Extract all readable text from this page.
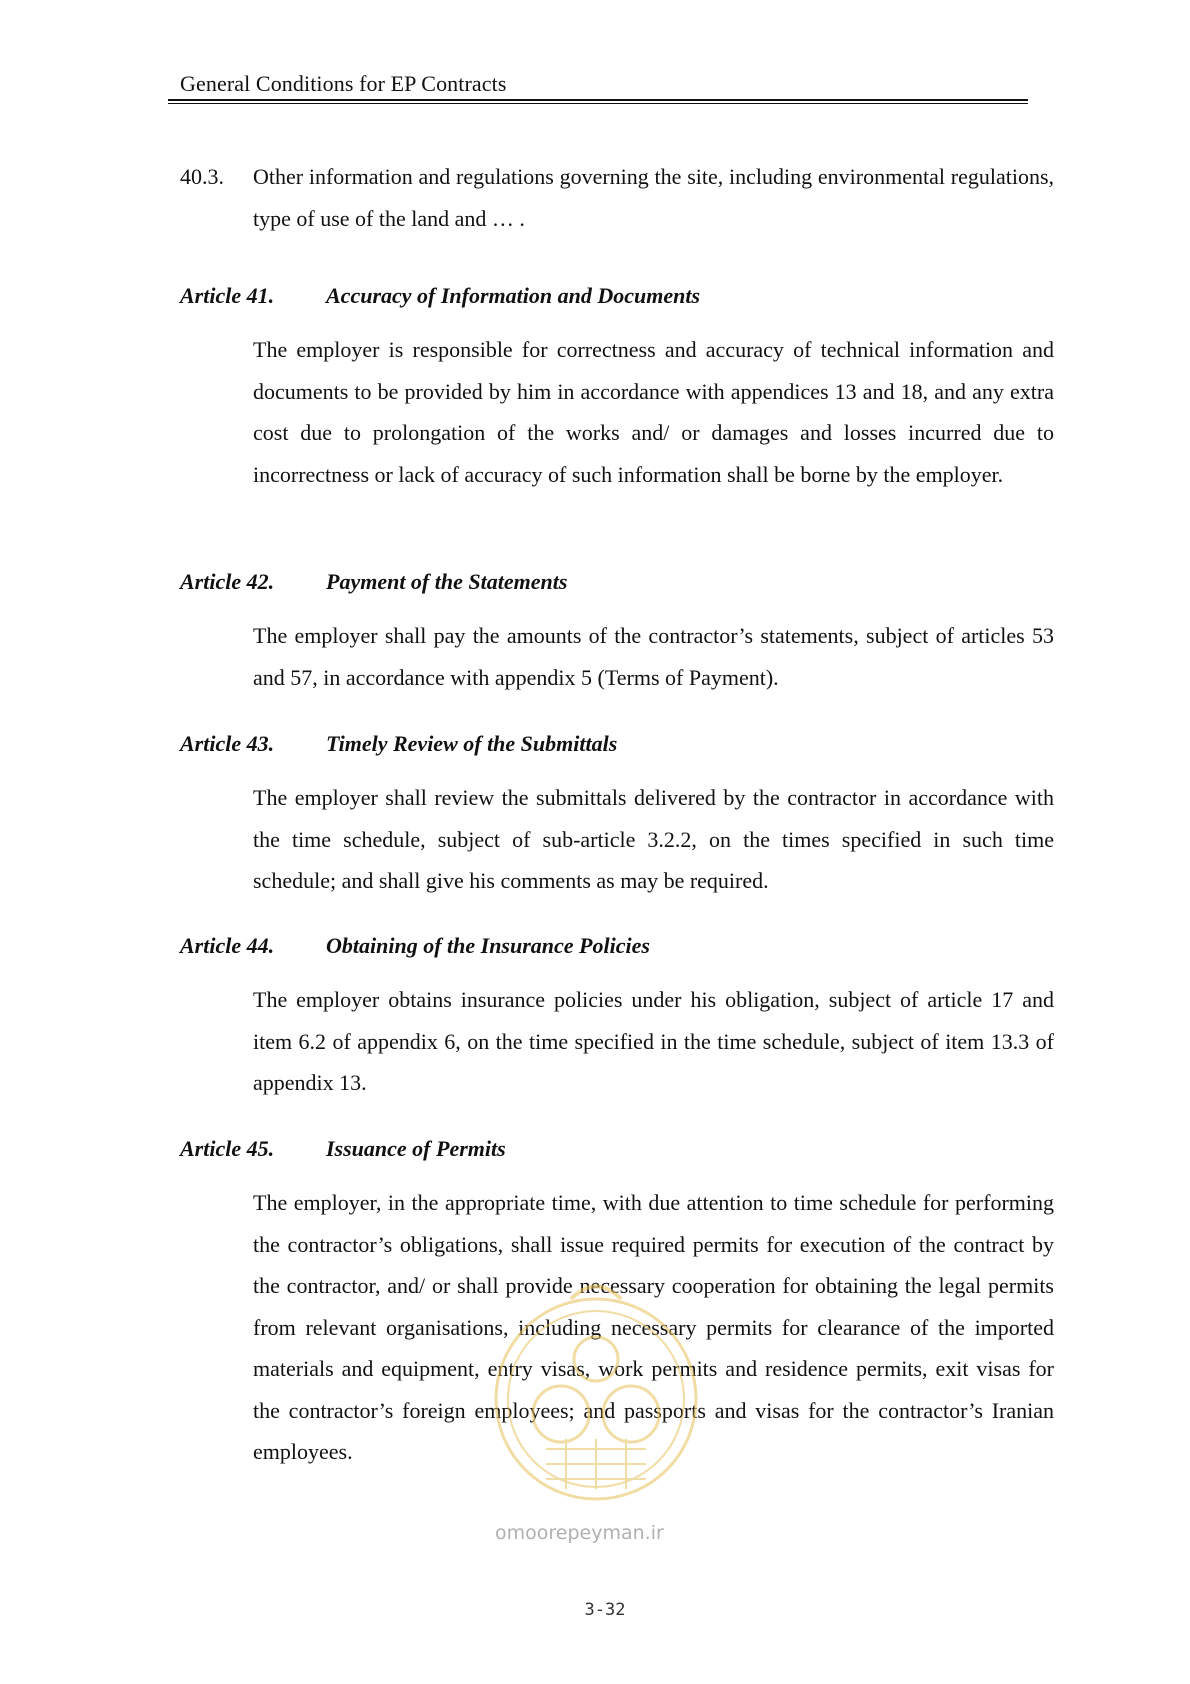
General Conditions for EP Contracts
40.3. Other information and regulations governing the site, including environmental regulations, type of use of the land and … .
Article 41. Accuracy of Information and Documents
The employer is responsible for correctness and accuracy of technical information and documents to be provided by him in accordance with appendices 13 and 18, and any extra cost due to prolongation of the works and/ or damages and losses incurred due to incorrectness or lack of accuracy of such information shall be borne by the employer.
Article 42. Payment of the Statements
The employer shall pay the amounts of the contractor’s statements, subject of articles 53 and 57, in accordance with appendix 5 (Terms of Payment).
Article 43. Timely Review of the Submittals
The employer shall review the submittals delivered by the contractor in accordance with the time schedule, subject of sub-article 3.2.2, on the times specified in such time schedule; and shall give his comments as may be required.
Article 44. Obtaining of the Insurance Policies
The employer obtains insurance policies under his obligation, subject of article 17 and item 6.2 of appendix 6, on the time specified in the time schedule, subject of item 13.3 of appendix 13.
Article 45. Issuance of Permits
The employer, in the appropriate time, with due attention to time schedule for performing the contractor’s obligations, shall issue required permits for execution of the contract by the contractor, and/ or shall provide necessary cooperation for obtaining the legal permits from relevant organisations, including necessary permits for clearance of the imported materials and equipment, entry visas, work permits and residence permits, exit visas for the contractor’s foreign employees; and passports and visas for the contractor’s Iranian employees.
omoorepeyman.ir
3-32
